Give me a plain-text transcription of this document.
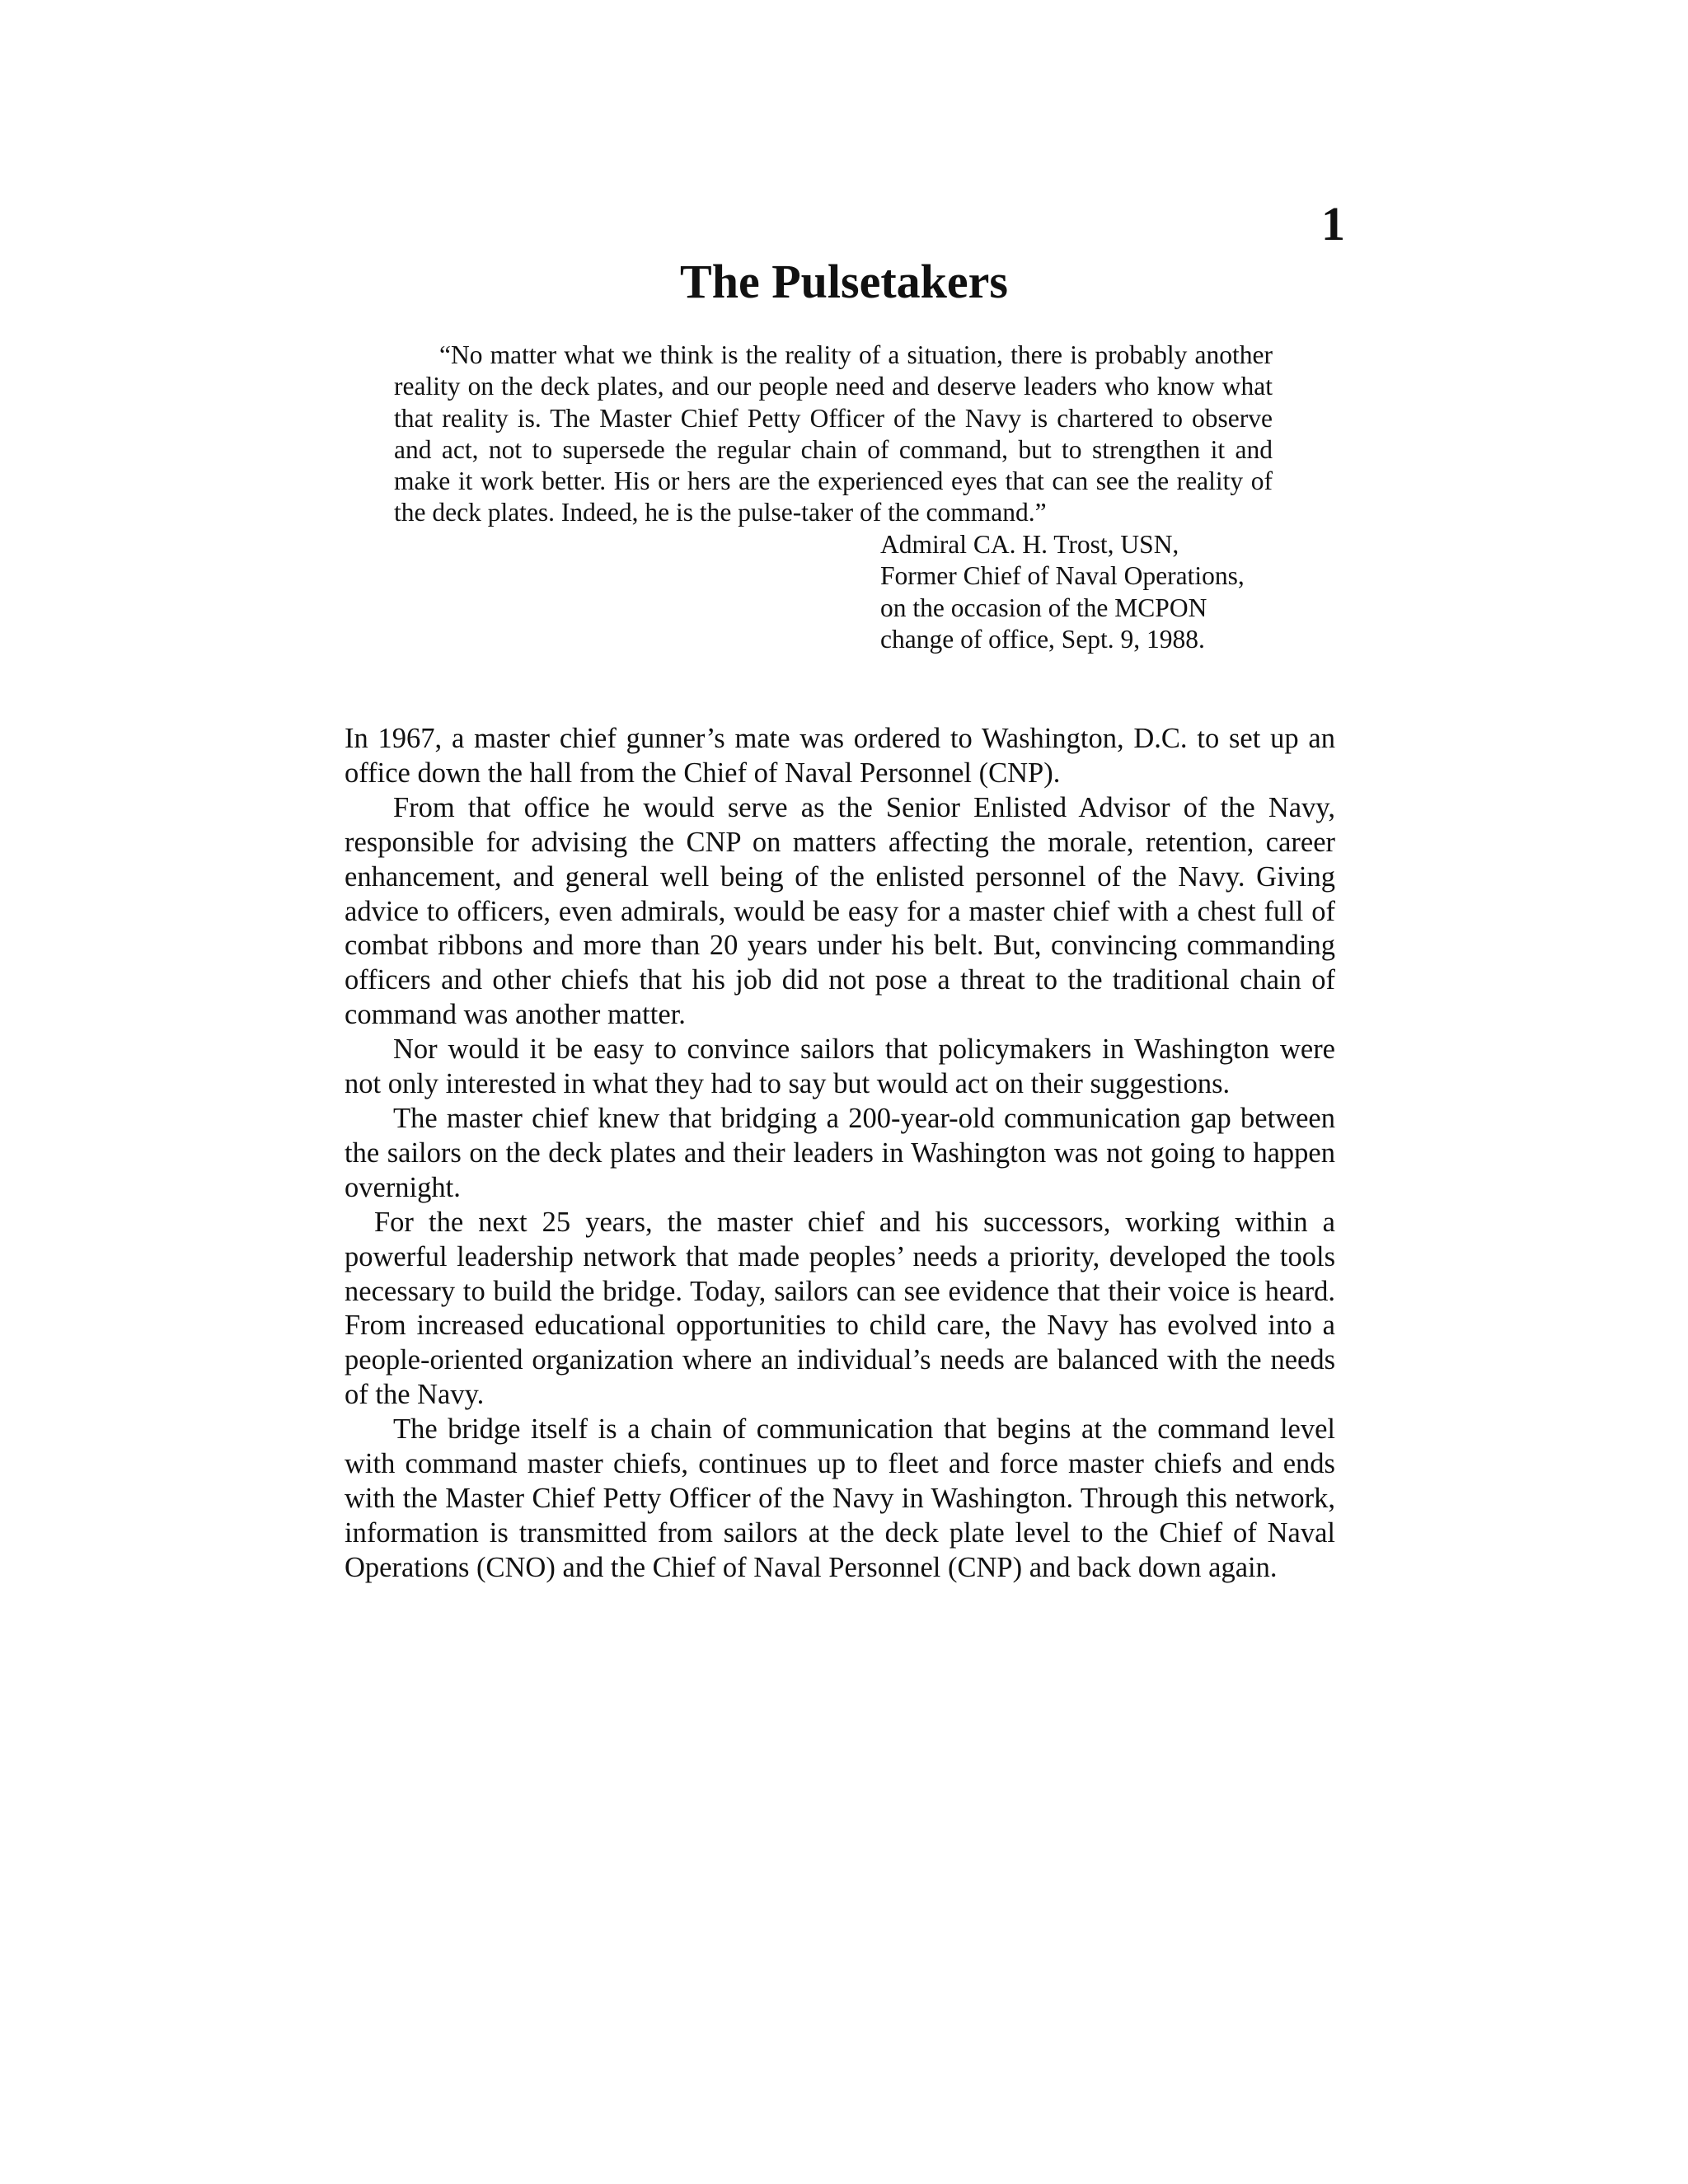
1
The Pulsetakers

“No matter what we think is the reality of a situation, there is probably another reality on the deck plates, and our people need and deserve leaders who know what that reality is. The Master Chief Petty Officer of the Navy is chartered to observe and act, not to supersede the regular chain of command, but to strengthen it and make it work better. His or hers are the experienced eyes that can see the reality of the deck plates. Indeed, he is the pulse-taker of the command.”

Admiral CA. H. Trost, USN,
Former Chief of Naval Operations,
on the occasion of the MCPON
change of office, Sept. 9, 1988.

In 1967, a master chief gunner’s mate was ordered to Washington, D.C. to set up an office down the hall from the Chief of Naval Personnel (CNP).

From that office he would serve as the Senior Enlisted Advisor of the Navy, responsible for advising the CNP on matters affecting the morale, retention, career enhancement, and general well being of the enlisted personnel of the Navy. Giving advice to officers, even admirals, would be easy for a master chief with a chest full of combat ribbons and more than 20 years under his belt. But, convincing commanding officers and other chiefs that his job did not pose a threat to the traditional chain of command was another matter.

Nor would it be easy to convince sailors that policymakers in Washington were not only interested in what they had to say but would act on their suggestions.

The master chief knew that bridging a 200-year-old communication gap between the sailors on the deck plates and their leaders in Washington was not going to happen overnight.

For the next 25 years, the master chief and his successors, working within a powerful leadership network that made peoples’ needs a priority, developed the tools necessary to build the bridge. Today, sailors can see evidence that their voice is heard. From increased educational opportunities to child care, the Navy has evolved into a people-oriented organization where an individual’s needs are balanced with the needs of the Navy.

The bridge itself is a chain of communication that begins at the command level with command master chiefs, continues up to fleet and force master chiefs and ends with the Master Chief Petty Officer of the Navy in Washington. Through this network, information is transmitted from sailors at the deck plate level to the Chief of Naval Operations (CNO) and the Chief of Naval Personnel (CNP) and back down again.
